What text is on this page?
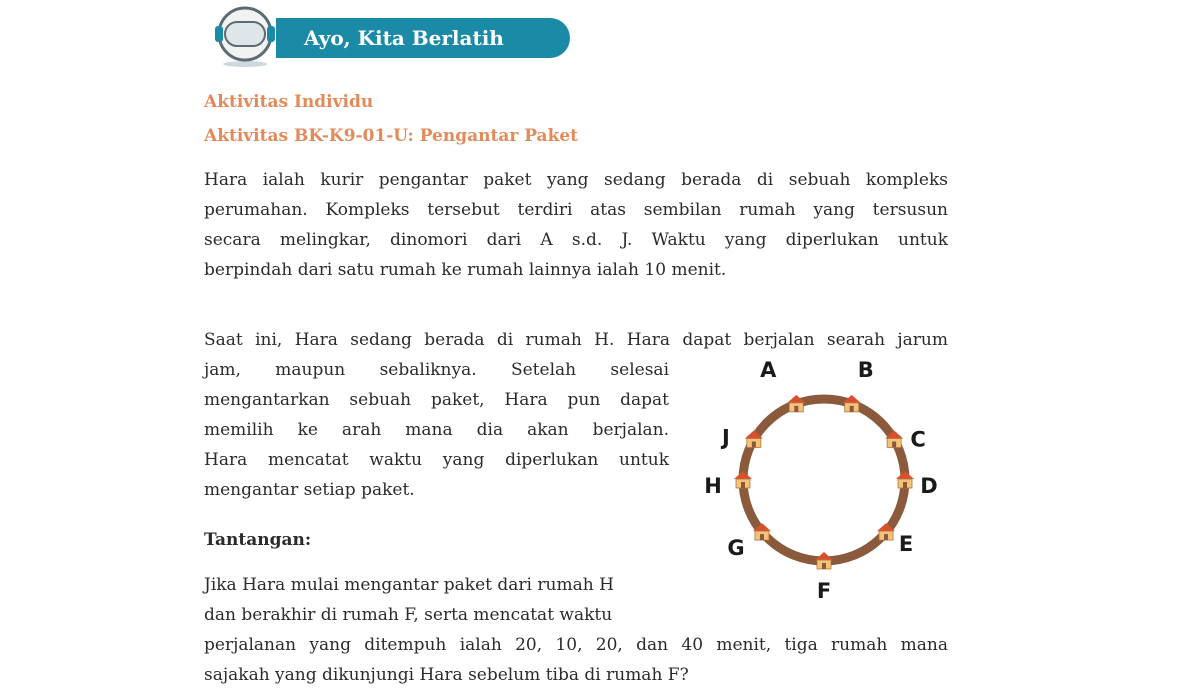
Ayo, Kita Berlatih
Aktivitas Individu
Aktivitas BK-K9-01-U: Pengantar Paket
Hara ialah kurir pengantar paket yang sedang berada di sebuah kompleks
perumahan. Kompleks tersebut terdiri atas sembilan rumah yang tersusun
secara melingkar, dinomori dari A s.d. J. Waktu yang diperlukan untuk
berpindah dari satu rumah ke rumah lainnya ialah 10 menit.
Saat ini, Hara sedang berada di rumah H. Hara dapat berjalan searah jarum
jam, maupun sebaliknya. Setelah selesai
mengantarkan sebuah paket, Hara pun dapat
memilih ke arah mana dia akan berjalan.
Hara mencatat waktu yang diperlukan untuk
mengantar setiap paket.
Tantangan:
Jika Hara mulai mengantar paket dari rumah H
dan berakhir di rumah F, serta mencatat waktu
perjalanan yang ditempuh ialah 20, 10, 20, dan 40 menit, tiga rumah mana
sajakah yang dikunjungi Hara sebelum tiba di rumah F?
A	B
C
D
E
F
G
H
J
